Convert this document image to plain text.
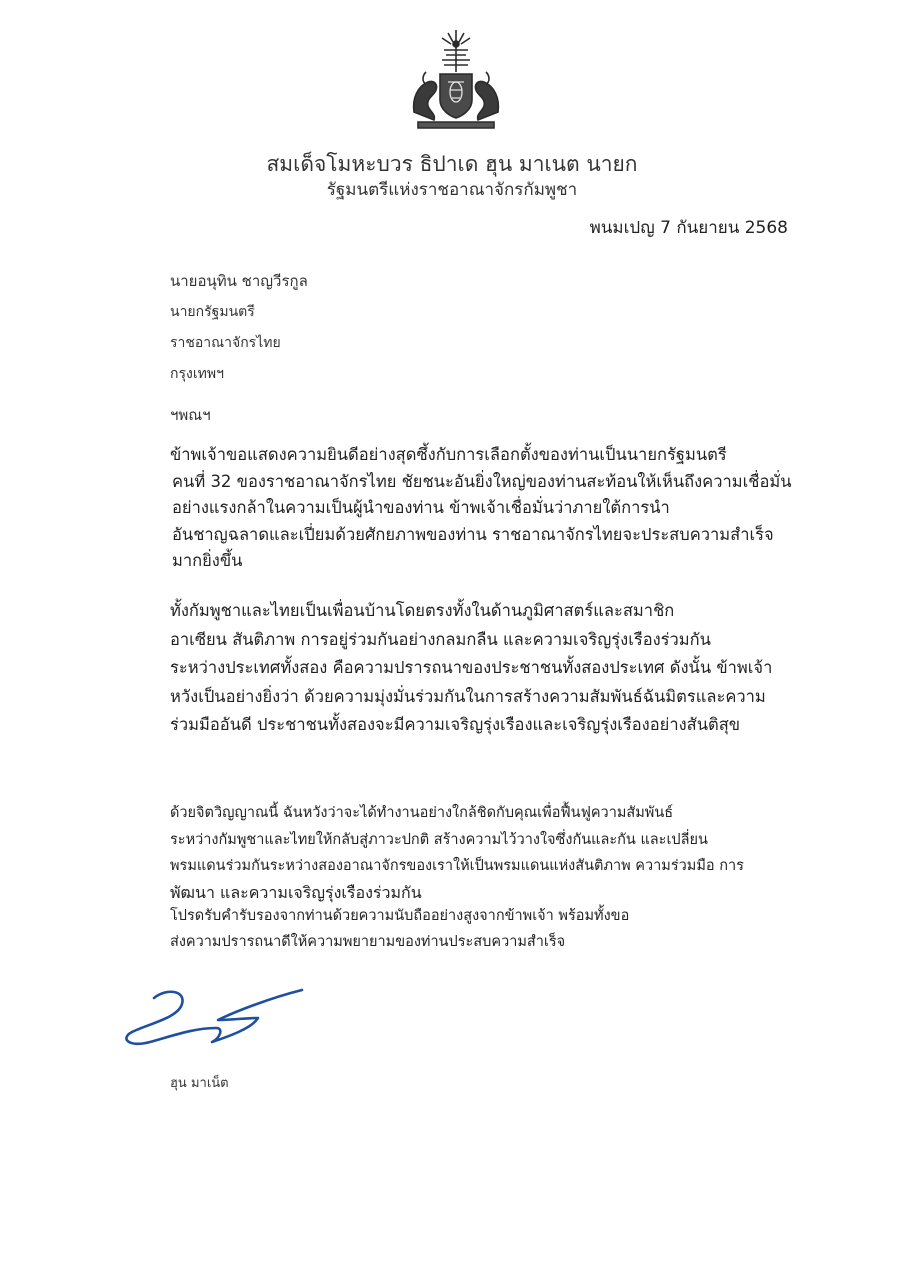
สมเด็จโมหะบวร ธิปาเด ฮุน มาเนต นายก
รัฐมนตรีแห่งราชอาณาจักรกัมพูชา
พนมเปญ 7 กันยายน 2568
นายอนุทิน ชาญวีรกูล
นายกรัฐมนตรี
ราชอาณาจักรไทย
กรุงเทพฯ
ฯพณฯ
ข้าพเจ้าขอแสดงความยินดีอย่างสุดซึ้งกับการเลือกตั้งของท่านเป็นนายกรัฐมนตรี
คนที่ 32 ของราชอาณาจักรไทย ชัยชนะอันยิ่งใหญ่ของท่านสะท้อนให้เห็นถึงความเชื่อมั่น
อย่างแรงกล้าในความเป็นผู้นำของท่าน ข้าพเจ้าเชื่อมั่นว่าภายใต้การนำ
อันชาญฉลาดและเปี่ยมด้วยศักยภาพของท่าน ราชอาณาจักรไทยจะประสบความสำเร็จ
มากยิ่งขึ้น
ทั้งกัมพูชาและไทยเป็นเพื่อนบ้านโดยตรงทั้งในด้านภูมิศาสตร์และสมาชิก
อาเซียน สันติภาพ การอยู่ร่วมกันอย่างกลมกลืน และความเจริญรุ่งเรืองร่วมกัน
ระหว่างประเทศทั้งสอง คือความปรารถนาของประชาชนทั้งสองประเทศ ดังนั้น ข้าพเจ้า
หวังเป็นอย่างยิ่งว่า ด้วยความมุ่งมั่นร่วมกันในการสร้างความสัมพันธ์ฉันมิตรและความ
ร่วมมืออันดี ประชาชนทั้งสองจะมีความเจริญรุ่งเรืองและเจริญรุ่งเรืองอย่างสันติสุข
ด้วยจิตวิญญาณนี้ ฉันหวังว่าจะได้ทำงานอย่างใกล้ชิดกับคุณเพื่อฟื้นฟูความสัมพันธ์
ระหว่างกัมพูชาและไทยให้กลับสู่ภาวะปกติ สร้างความไว้วางใจซึ่งกันและกัน และเปลี่ยน
พรมแดนร่วมกันระหว่างสองอาณาจักรของเราให้เป็นพรมแดนแห่งสันติภาพ ความร่วมมือ การ
พัฒนา และความเจริญรุ่งเรืองร่วมกัน
โปรดรับคำรับรองจากท่านด้วยความนับถืออย่างสูงจากข้าพเจ้า พร้อมทั้งขอ
ส่งความปรารถนาดีให้ความพยายามของท่านประสบความสำเร็จ
ฮุน มาเน็ต
